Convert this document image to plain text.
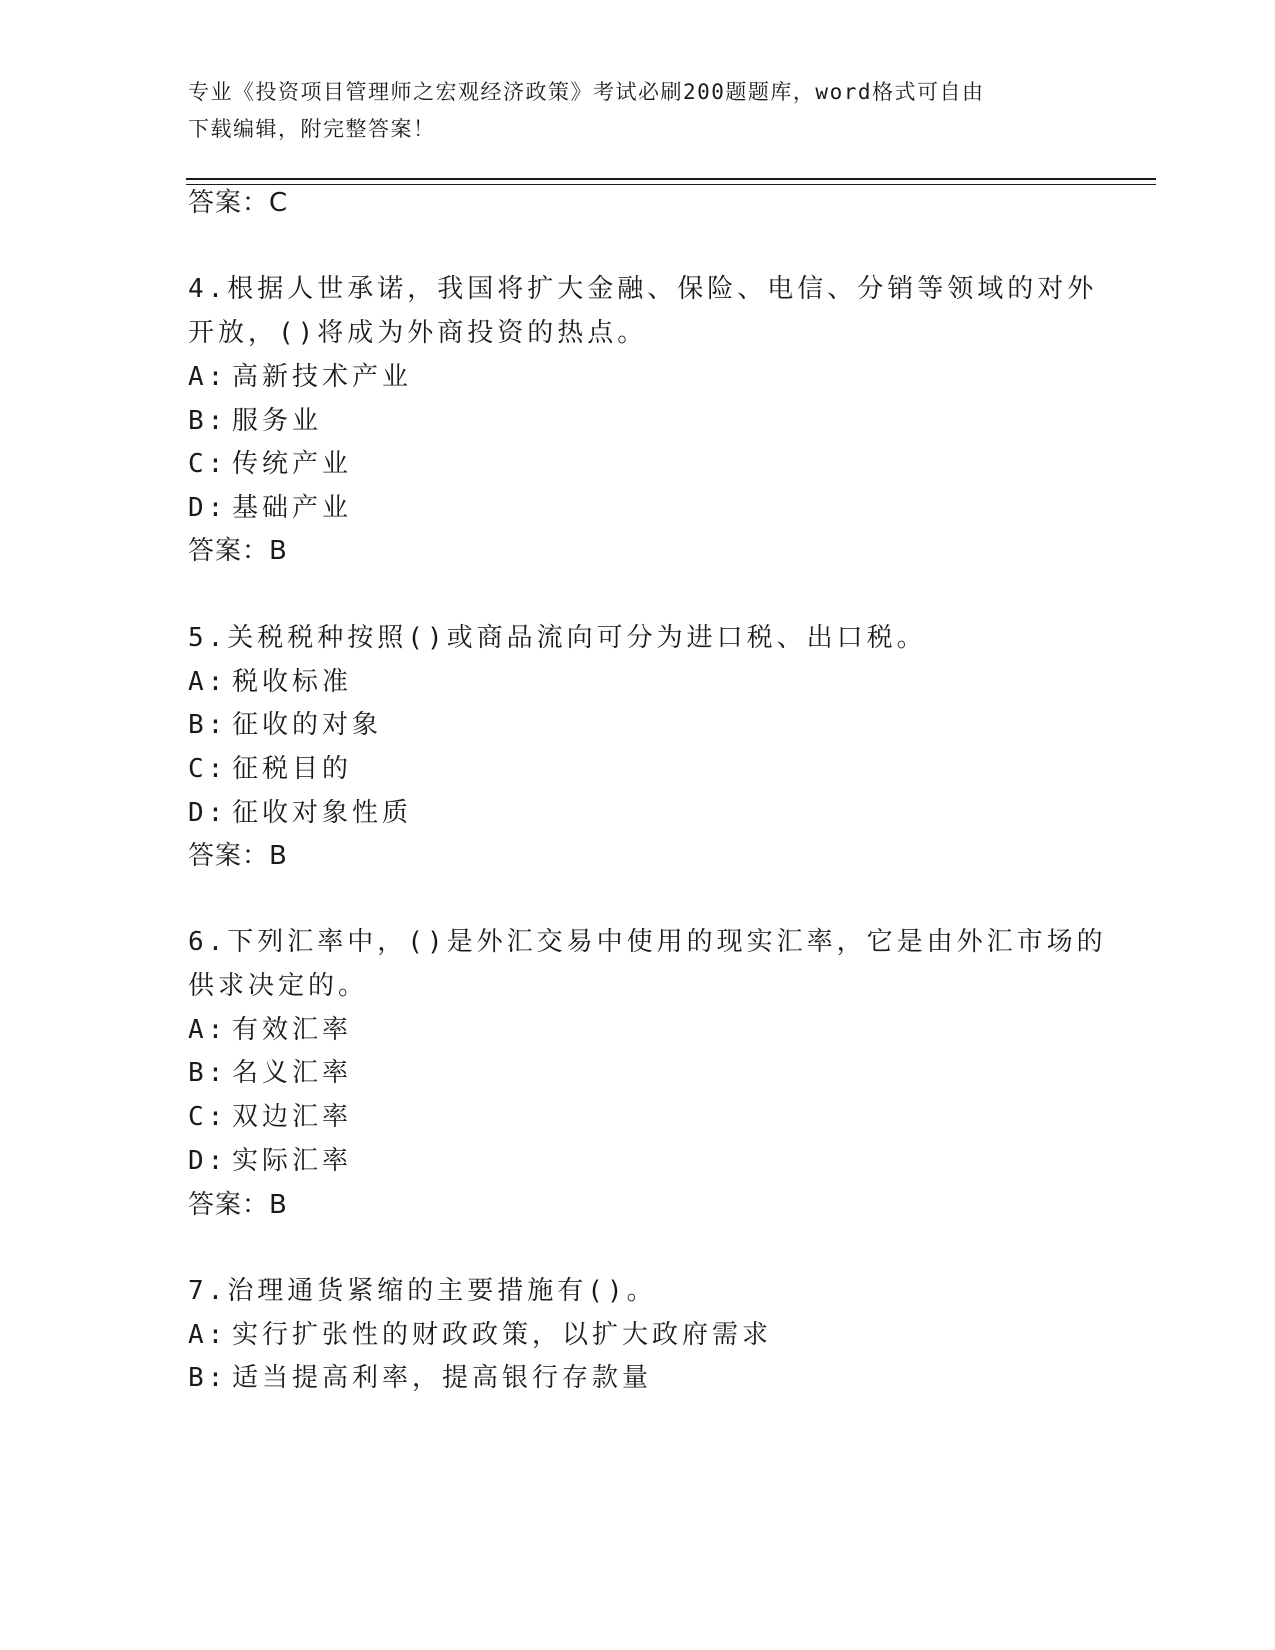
专业《投资项目管理师之宏观经济政策》考试必刷200题题库，word格式可自由
下载编辑，附完整答案！
答案：C
4.根据人世承诺，我国将扩大金融、保险、电信、分销等领域的对外
开放，()将成为外商投资的热点。
A: 高新技术产业
B: 服务业
C: 传统产业
D: 基础产业
答案：B
5.关税税种按照()或商品流向可分为进口税、出口税。
A: 税收标准
B: 征收的对象
C: 征税目的
D: 征收对象性质
答案：B
6.下列汇率中，()是外汇交易中使用的现实汇率，它是由外汇市场的
供求决定的。
A: 有效汇率
B: 名义汇率
C: 双边汇率
D: 实际汇率
答案：B
7.治理通货紧缩的主要措施有()。
A: 实行扩张性的财政政策，以扩大政府需求
B: 适当提高利率，提高银行存款量
